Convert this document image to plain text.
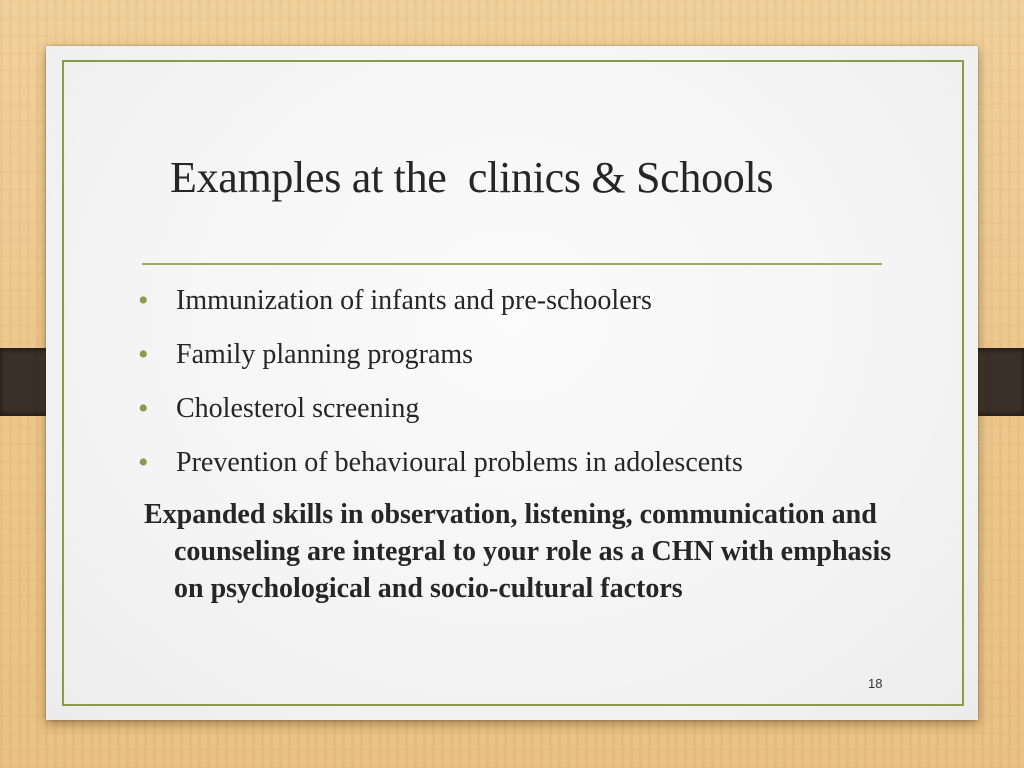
Examples at the  clinics & Schools
• Immunization of infants and pre-schoolers
• Family planning programs
• Cholesterol screening
• Prevention of behavioural problems in adolescents

Expanded skills in observation, listening, communication and counseling are integral to your role as a CHN with emphasis on psychological and socio-cultural factors

18
